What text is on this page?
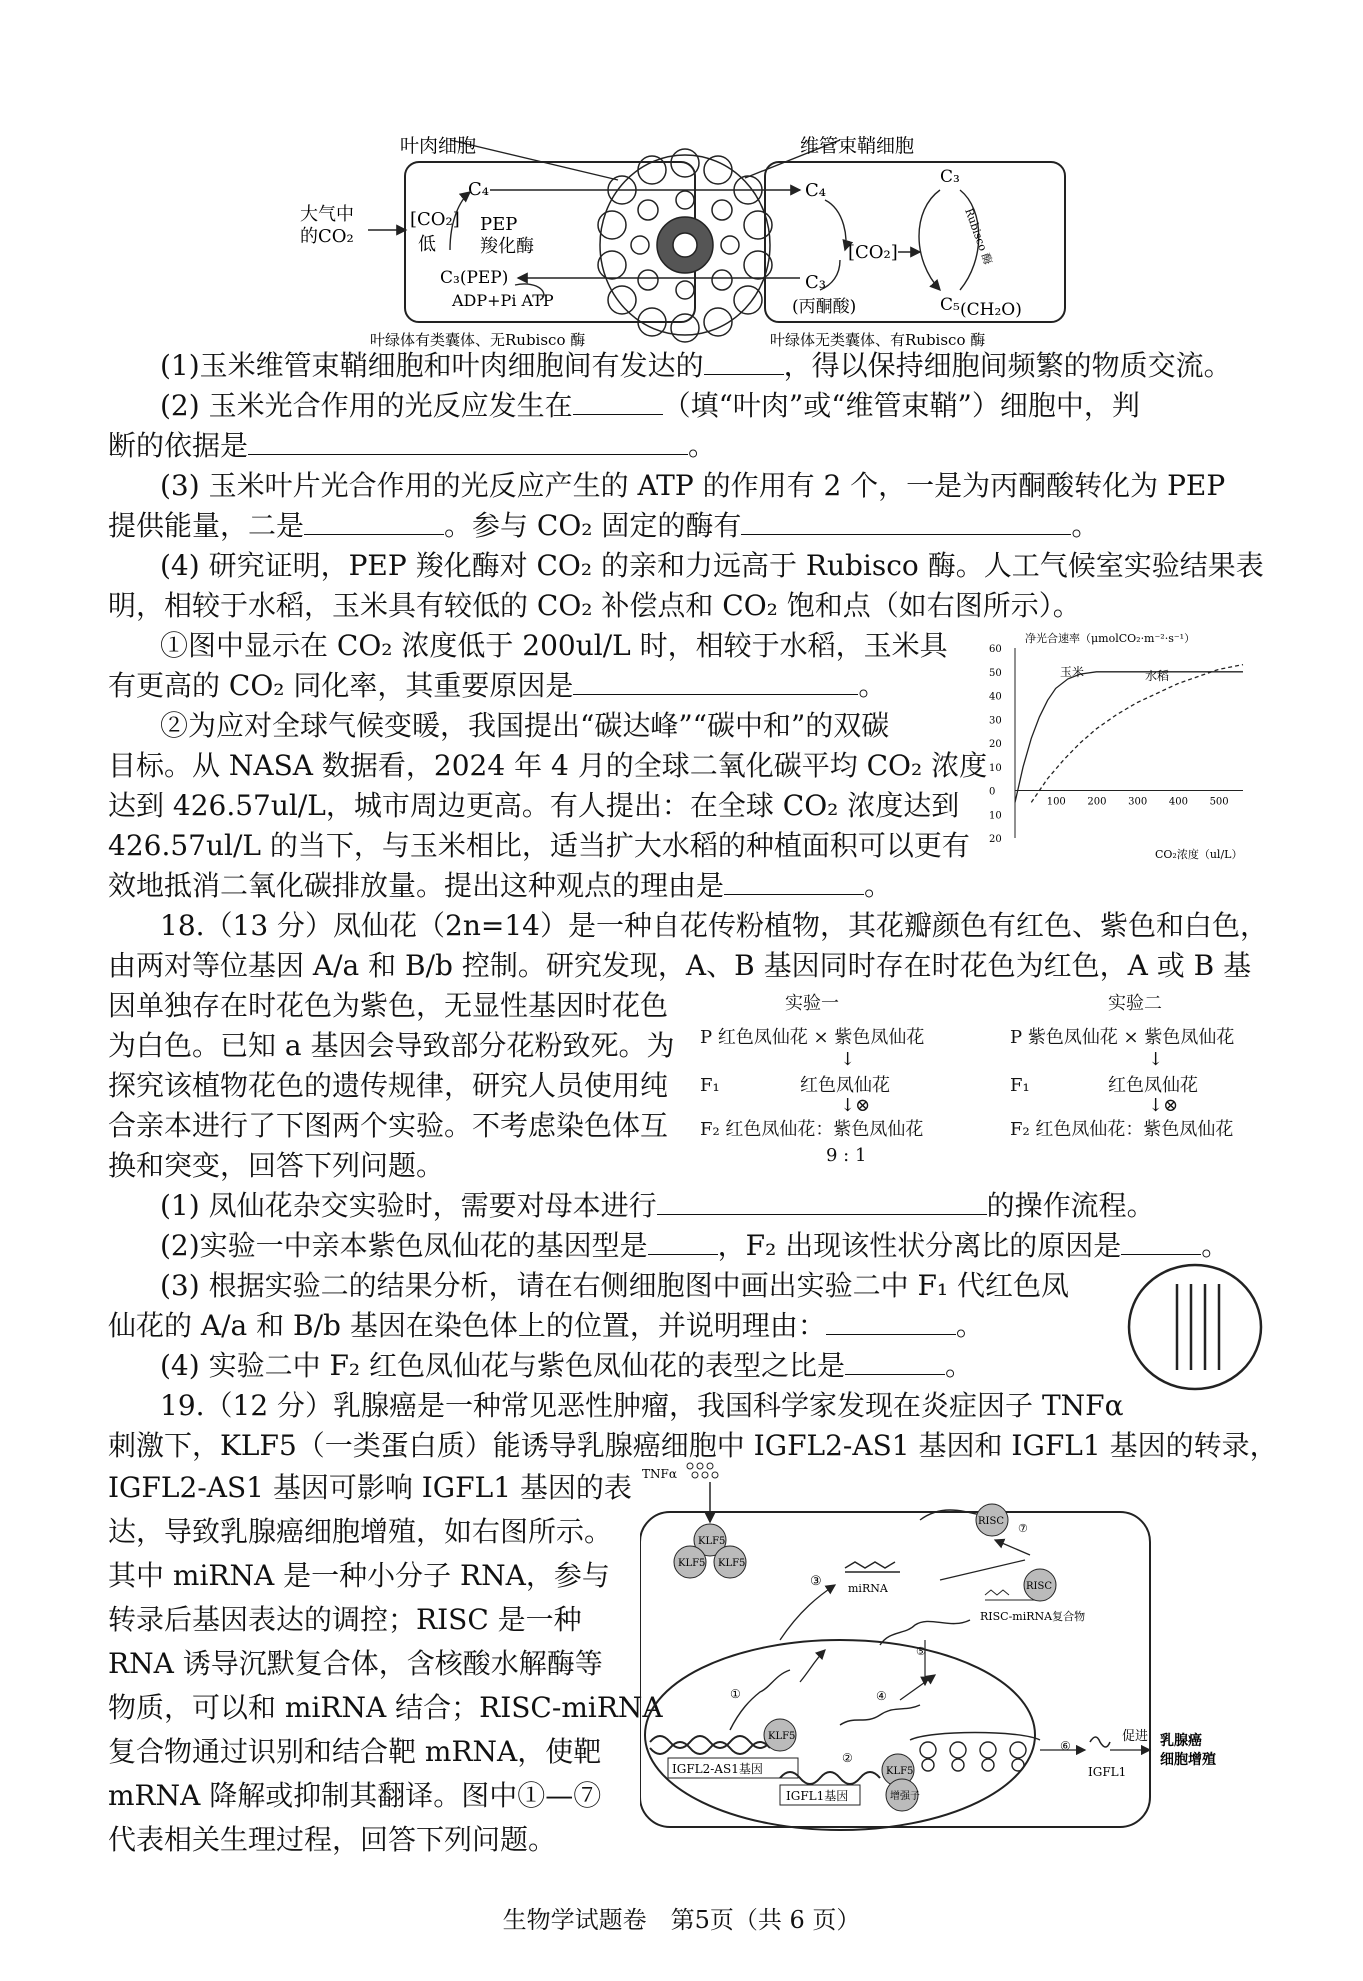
叶肉细胞	维管束鞘细胞
大气中
的CO₂
[CO₂]
低
C₄
PEP
羧化酶
C₃(PEP)
ADP+Pi ATP
C₄
[CO₂]
C₃
(丙酮酸)
C₃
Rubisco 酶
C₅ (CH₂O)
叶绿体有类囊体、无Rubisco 酶	叶绿体无类囊体、有Rubisco 酶
(1)玉米维管束鞘细胞和叶肉细胞间有发达的	，得以保持细胞间频繁的物质交流。
(2) 玉米光合作用的光反应发生在	（填“叶肉”或“维管束鞘”）细胞中，判
断的依据是	。
(3) 玉米叶片光合作用的光反应产生的 ATP 的作用有 2 个，一是为丙酮酸转化为 PEP
提供能量，二是	。参与 CO₂ 固定的酶有	。
(4) 研究证明，PEP 羧化酶对 CO₂ 的亲和力远高于 Rubisco 酶。人工气候室实验结果表
明，相较于水稻，玉米具有较低的 CO₂ 补偿点和 CO₂ 饱和点（如右图所示）。
①图中显示在 CO₂ 浓度低于 200ul/L 时，相较于水稻，玉米具
有更高的 CO₂ 同化率，其重要原因是	。
②为应对全球气候变暖，我国提出“碳达峰”“碳中和”的双碳
目标。从 NASA 数据看，2024 年 4 月的全球二氧化碳平均 CO₂ 浓度
达到 426.57ul/L，城市周边更高。有人提出：在全球 CO₂ 浓度达到
426.57ul/L 的当下，与玉米相比，适当扩大水稻的种植面积可以更有
效地抵消二氧化碳排放量。提出这种观点的理由是	。
净光合速率（μmolCO₂·m⁻²·s⁻¹）
CO₂浓度（ul/L）
60
50
40
30
20
10
0
10
20
100 200 300 400 500
玉米	水稻
18.（13 分）凤仙花（2n=14）是一种自花传粉植物，其花瓣颜色有红色、紫色和白色，
由两对等位基因 A/a 和 B/b 控制。研究发现，A、B 基因同时存在时花色为红色，A 或 B 基
因单独存在时花色为紫色，无显性基因时花色
为白色。已知 a 基因会导致部分花粉致死。为
探究该植物花色的遗传规律，研究人员使用纯
合亲本进行了下图两个实验。不考虑染色体互
换和突变，回答下列问题。
实验一
P 红色凤仙花 × 紫色凤仙花
↓
F₁	红色凤仙花
↓⊗
F₂ 红色凤仙花：紫色凤仙花
9 : 1
实验二
P 紫色凤仙花 × 紫色凤仙花
↓
F₁	红色凤仙花
↓⊗
F₂ 红色凤仙花：紫色凤仙花
(1) 凤仙花杂交实验时，需要对母本进行	的操作流程。
(2)实验一中亲本紫色凤仙花的基因型是	，F₂ 出现该性状分离比的原因是	。
(3) 根据实验二的结果分析，请在右侧细胞图中画出实验二中 F₁ 代红色凤
仙花的 A/a 和 B/b 基因在染色体上的位置，并说明理由：	。
(4) 实验二中 F₂ 红色凤仙花与紫色凤仙花的表型之比是	。
19.（12 分）乳腺癌是一种常见恶性肿瘤，我国科学家发现在炎症因子 TNFα
刺激下，KLF5（一类蛋白质）能诱导乳腺癌细胞中 IGFL2-AS1 基因和 IGFL1 基因的转录，
IGFL2-AS1 基因可影响 IGFL1 基因的表
达，导致乳腺癌细胞增殖，如右图所示。
其中 miRNA 是一种小分子 RNA，参与
转录后基因表达的调控；RISC 是一种
RNA 诱导沉默复合体，含核酸水解酶等
物质，可以和 miRNA 结合；RISC-miRNA
复合物通过识别和结合靶 mRNA，使靶
mRNA 降解或抑制其翻译。图中①—⑦
代表相关生理过程，回答下列问题。
TNFα
KLF5
KLF5 KLF5
③ miRNA
RISC
⑦
RISC
RISC-miRNA复合物
⑤
①	④
②
KLF5
IGFL2-AS1基因
IGFL1基因
KLF5
增强子
⑥
IGFL1
促进 乳腺癌
细胞增殖
生物学试题卷　第5页（共 6 页）
